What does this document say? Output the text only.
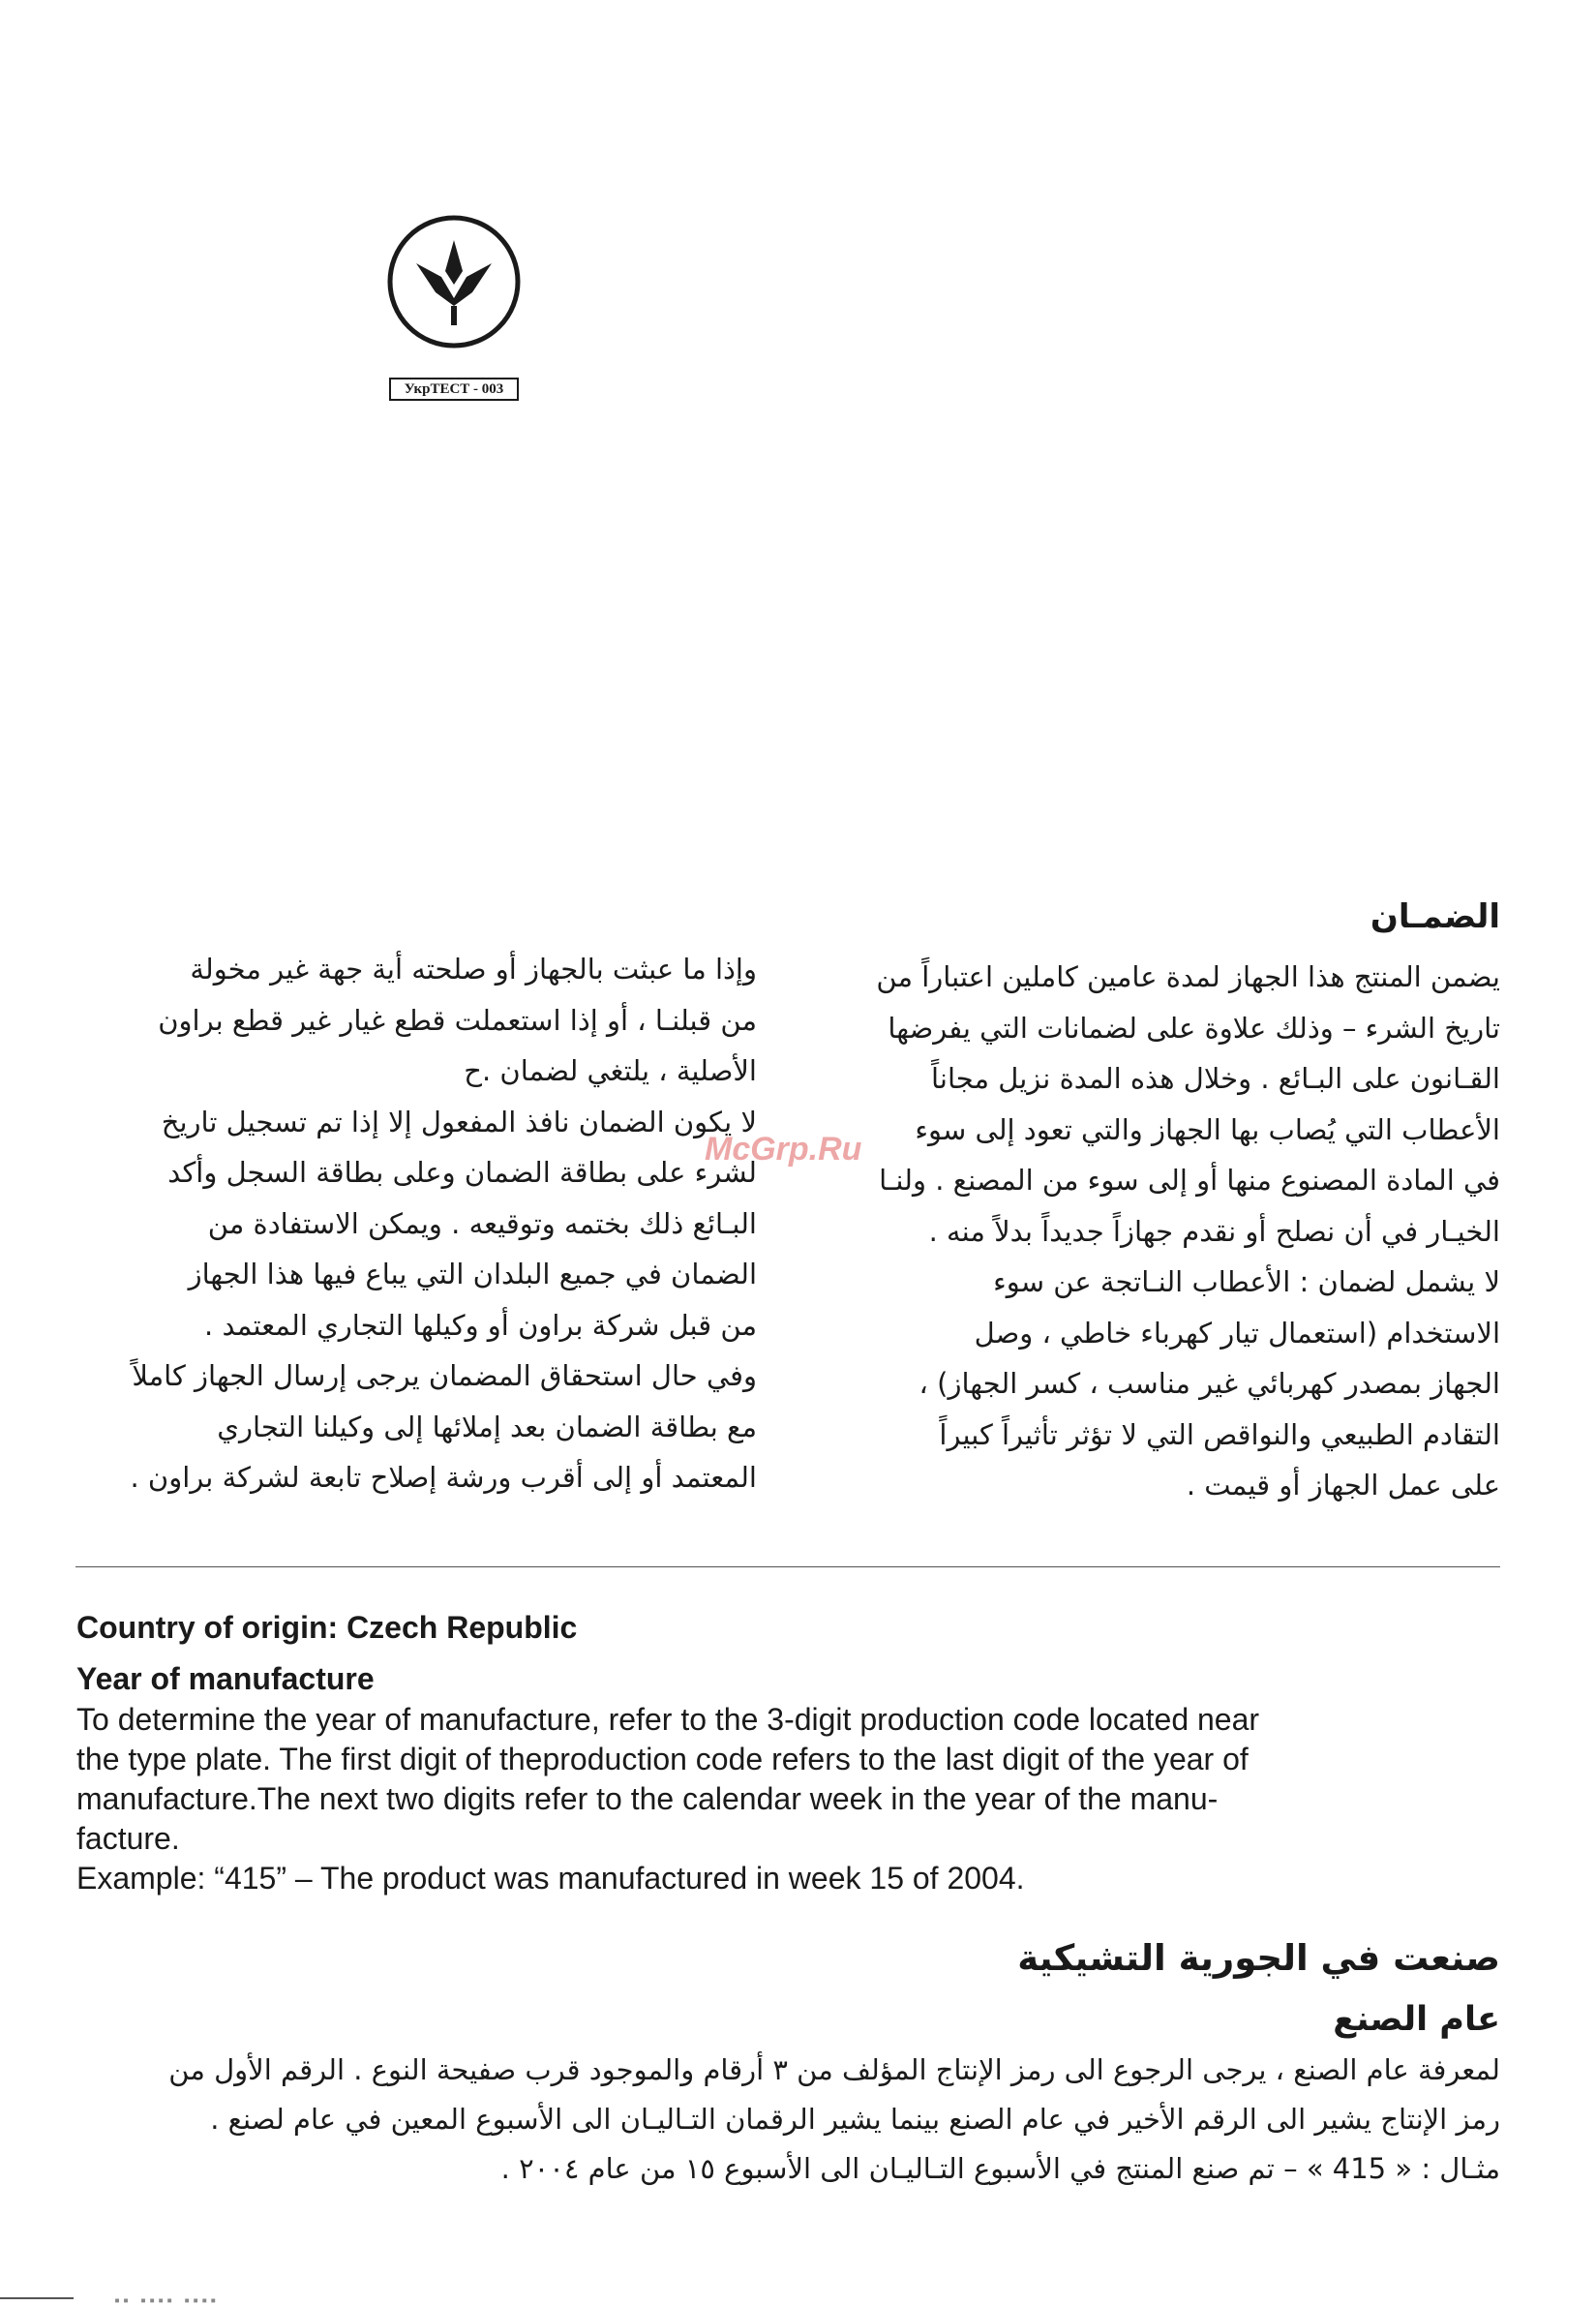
УкрТЕСТ - 003
McGrp.Ru
الضمـان

يضمن المنتج هذا الجهاز لمدة عامين كاملين اعتباراً من

تاريخ الشرء – وذلك علاوة على لضمانات التي يفرضها

القـانون على البـائع . وخلال هذه المدة نزيل مجاناً

الأعطاب التي يُصاب بها الجهاز والتي تعود إلى سوء

في المادة المصنوع منها أو إلى سوء من المصنع . ولنـا

الخيـار في أن نصلح أو نقدم جهازاً جديداً بدلاً منه .

لا يشمل لضمان : الأعطاب النـاتجة عن سوء

الاستخدام (استعمال تيار كهرباء خاطي ، وصل

الجهاز بمصدر كهربائي غير مناسب ، كسر الجهاز) ،

التقادم الطبيعي والنواقص التي لا تؤثر تأثيراً كبيراً

على عمل الجهاز أو قيمت .

وإذا ما عبثت بالجهاز أو صلحته أية جهة غير مخولة

من قبلنـا ، أو إذا استعملت قطع غيار غير قطع براون

الأصلية ، يلتغي لضمان .ح

لا يكون الضمان نافذ المفعول إلا إذا تم تسجيل تاريخ

لشرء على بطاقة الضمان وعلى بطاقة السجل وأكد

البـائع ذلك بختمه وتوقيعه . ويمكن الاستفادة من

الضمان في جميع البلدان التي يباع فيها هذا الجهاز

من قبل شركة براون أو وكيلها التجاري المعتمد .

وفي حال استحقاق المضمان يرجى إرسال الجهاز كاملاً

مع بطاقة الضمان بعد إملائها إلى وكيلنا التجاري

المعتمد أو إلى أقرب ورشة إصلاح تابعة لشركة براون .

Country of origin: Czech Republic
Year of manufacture

To determine the year of manufacture, refer to the 3-digit production code located near

the type plate. The first digit of theproduction code refers to the last digit of the year of

manufacture.The next two digits refer to the calendar week in the year of the manu-

facture.

Example: “415” – The product was manufactured in week 15 of 2004.

صنعت في الجورية التشيكية
عام الصنع

لمعرفة عام الصنع ، يرجى الرجوع الى رمز الإنتاج المؤلف من ٣ أرقام والموجود قرب صفيحة النوع . الرقم الأول من

رمز الإنتاج يشير الى الرقم الأخير في عام الصنع بينما يشير الرقمان التـاليـان الى الأسبوع المعين في عام لصنع .

مثـال : « 415 » – تم صنع المنتج في الأسبوع التـاليـان الى الأسبوع ١٥ من عام ٢٠٠٤ .

▪▪ ▪▪▪▪ ▪▪▪▪
